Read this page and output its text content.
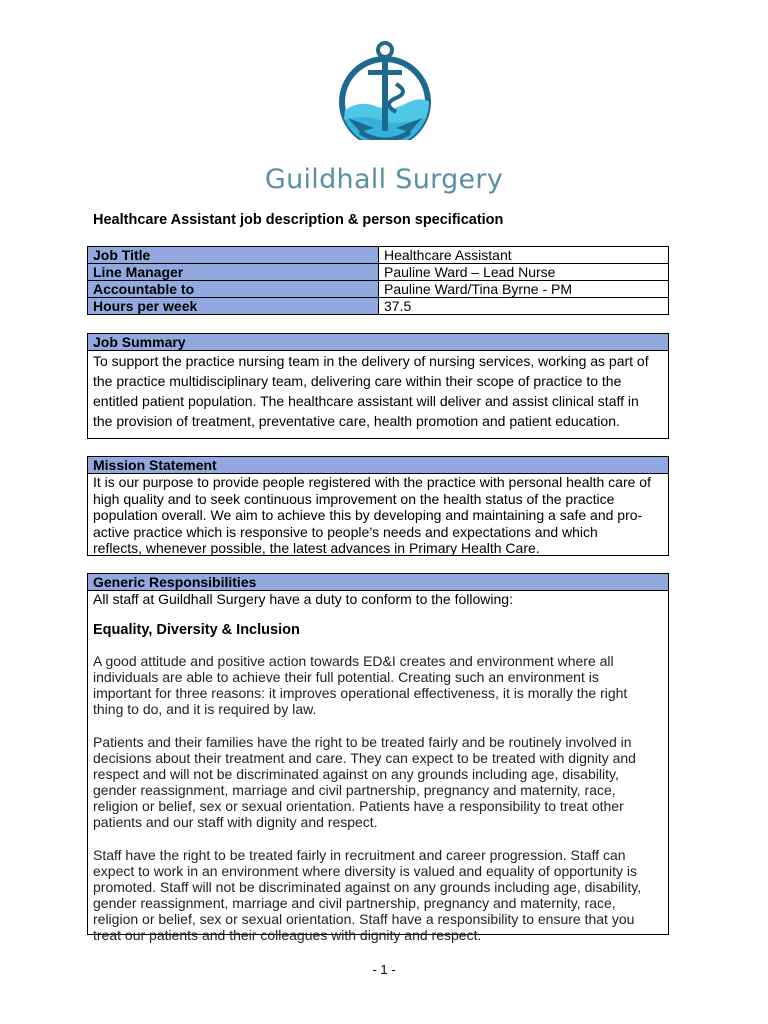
Guildhall Surgery
Healthcare Assistant job description & person specification
Job Title	Healthcare Assistant
Line Manager	Pauline Ward – Lead Nurse
Accountable to	Pauline Ward/Tina Byrne - PM
Hours per week	37.5
Job Summary
To support the practice nursing team in the delivery of nursing services, working as part of
the practice multidisciplinary team, delivering care within their scope of practice to the
entitled patient population. The healthcare assistant will deliver and assist clinical staff in
the provision of treatment, preventative care, health promotion and patient education.
Mission Statement
It is our purpose to provide people registered with the practice with personal health care of
high quality and to seek continuous improvement on the health status of the practice
population overall. We aim to achieve this by developing and maintaining a safe and pro-
active practice which is responsive to people’s needs and expectations and which
reflects, whenever possible, the latest advances in Primary Health Care.
Generic Responsibilities
All staff at Guildhall Surgery have a duty to conform to the following:
Equality, Diversity & Inclusion
A good attitude and positive action towards ED&I creates and environment where all
individuals are able to achieve their full potential. Creating such an environment is
important for three reasons: it improves operational effectiveness, it is morally the right
thing to do, and it is required by law.
Patients and their families have the right to be treated fairly and be routinely involved in
decisions about their treatment and care. They can expect to be treated with dignity and
respect and will not be discriminated against on any grounds including age, disability,
gender reassignment, marriage and civil partnership, pregnancy and maternity, race,
religion or belief, sex or sexual orientation. Patients have a responsibility to treat other
patients and our staff with dignity and respect.
Staff have the right to be treated fairly in recruitment and career progression. Staff can
expect to work in an environment where diversity is valued and equality of opportunity is
promoted. Staff will not be discriminated against on any grounds including age, disability,
gender reassignment, marriage and civil partnership, pregnancy and maternity, race,
religion or belief, sex or sexual orientation. Staff have a responsibility to ensure that you
treat our patients and their colleagues with dignity and respect.
- 1 -
